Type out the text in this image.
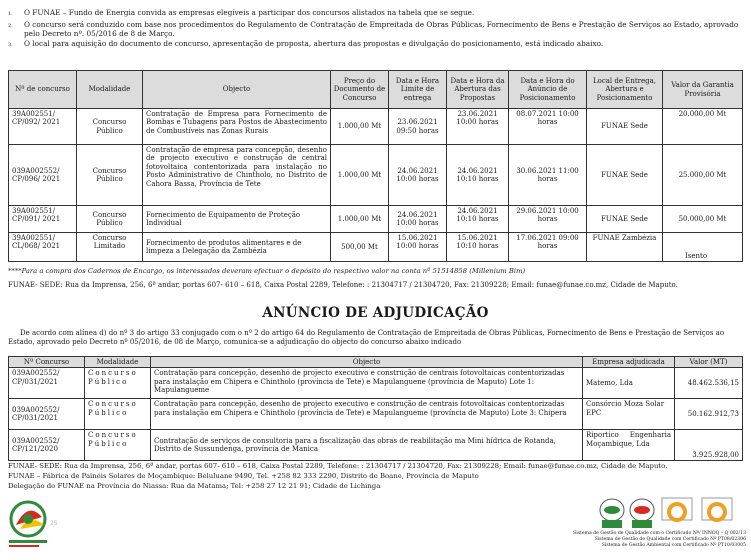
1.	O FUNAE – Fundo de Energia convida as empresas elegíveis a participar dos concursos alistados na tabela que se segue.
2.	O concurso será conduzido com base nos procedimentos do Regulamento de Contratação de Empreitada de Obras Públicas, Fornecimento de Bens e Prestação de Serviços ao Estado, aprovado pelo Decreto nº. 05/2016 de 8 de Março.
3.	O local para aquisição do documento de concurso, apresentação de proposta, abertura das propostas e divulgação do posicionamento, está indicado abaixo.
Nº de concurso	Modalidade	Objecto	Preço do Documento de Concurso	Data e Hora Limite de entrega	Data e Hora da Abertura das Propostas	Data e Hora do Anúncio de Posicionamento	Local de Entrega, Abertura e Posicionamento	Valor da Garantia Provisória
39A002551/ CP/092/ 2021	Concurso Público	Contratação de Empresa para Fornecimento de Bombas e Tubagens para Postos de Abastecimento de Combustíveis nas Zonas Rurais	1.000,00 Mt	23.06.2021 09:50 horas	23.06.2021 10:00 horas	08.07.2021 10:00 horas	FUNAE Sede	20.000,00 Mt
039A002552/ CP/096/ 2021	Concurso Público	Contratação de empresa para concepção, desenho de projecto executivo e construção de central fotovoltaica contentorizada para instalação no Posto Administrativo de Chintholo, no Distrito de Cahora Bassa, Província de Tete	1.000,00 Mt	24.06.2021 10:00 horas	24.06.2021 10:10 horas	30.06.2021 11:00 horas	FUNAE Sede	25.000,00 Mt
39A002551/ CP/091/ 2021	Concurso Público	Fornecimento de Equipamento de Proteção Individual	1.000,00 Mt	24.06.2021 10:00 horas	24.06.2021 10:10 horas	29.06.2021 10:00 horas	FUNAE Sede	50.000,00 Mt
39A002551/ CL/068/ 2021	Concurso Limitado	Fornecimento de produtos alimentares e de limpeza a Delegação da Zambézia	500,00 Mt	15.06.2021 10:00 horas	15.06.2021 10:10 horas	17.06.2021 09:00 horas	FUNAE Zambézia	Isento
****Para a compra dos Cadernos de Encargo, os interessados deveram efectuar o depósito do respectivo valor na conta nº 51514858 (Millenium Bim)
FUNAE- SEDE: Rua da Imprensa, 256, 6ª andar, portas 607- 610 – 618, Caixa Postal 2289, Telefone: : 21304717 / 21304720, Fax: 21309228; Email: funae@funae.co.mz, Cidade de Maputo.
ANÚNCIO DE ADJUDICAÇÃO
De acordo com alínea d) do nº 3 do artigo 33 conjugado com o nº 2 do artigo 64 do Regulamento de Contratação de Empreitada de Obras Públicas, Fornecimento de Bens e Prestação de Serviços ao Estado, aprovado pelo Decreto nº 05/2016, de 08 de Março, comunica-se a adjudicação do objecto do concurso abaixo indicado
Nº Concurso	Modalidade	Objecto	Empresa adjudicada	Valor (MT)
039A002552/ CP/031/2021	Concurso Público	Contratação para concepção, desenho de projecto executivo e construção de centrais fotovoltaicas contentorizadas para instalação em Chipera e Chintholo (província de Tete) e Mapulanguene (província de Maputo) Lote 1: Mapulangueme	Matemo, Lda	48.462.536,15
039A002552/ CP/031/2021	Concurso Público	Contratação para concepção, desenho de projecto executivo e construção de centrais fotovoltaicas contentorizadas para instalação em Chipera e Chintholo (província de Tete) e Mapulangueme (província de Maputo) Lote 3: Chipera	Consórcio Moza Solar EPC	50.162.912,73
039A002552/ CP/121/2020	Concurso Público	Contratação de serviços de consultoria para a fiscalização das obras de reabilitação ma Mini hídrica de Rotanda, Distrito de Sussundenga, província de Manica	Riportico Engenharia Moçambique, Lda	3.925.928,00
FUNAE- SEDE: Rua da Imprensa, 256, 6ª andar, portas 607- 610 – 618, Caixa Postal 2289, Telefone: : 21304717 / 21304720, Fax: 21309228; Email: funae@funae.co.mz, Cidade de Maputo.
FUNAE – Fábrica de Painéis Solares de Moçambique: Beluluane 9490, Tel. +258 82 333 2290, Distrito de Boane, Província de Maputo
Delegação do FUNAE na Província do Niassa: Rua da Matama; Tel: +258 27 12 21 91; Cidade de Lichinga
25
Sistema de Gestão de Qualidade com o Certificado Nº/ INNOQ – Q 002/13
Sistema de Gestão de Qualidade com Certificado Nº PT08/02306
Sistema de Gestão Ambiental com Certificado Nº PT10/03005
